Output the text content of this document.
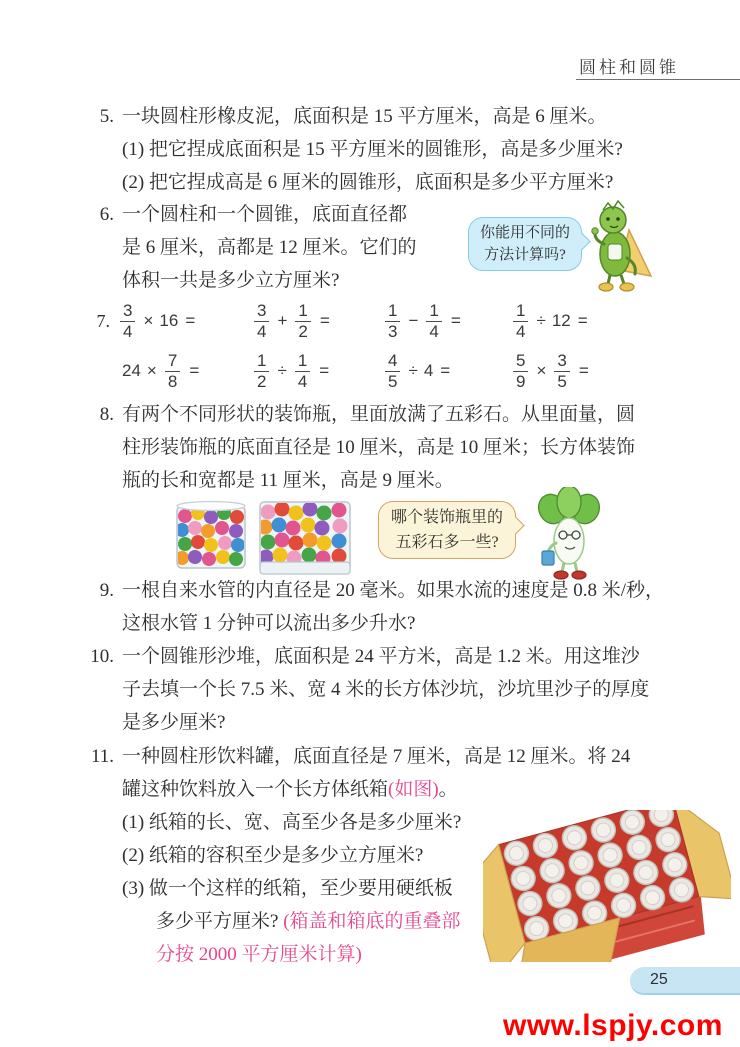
圆柱和圆锥
5. 一块圆柱形橡皮泥，底面积是 15 平方厘米，高是 6 厘米。
(1) 把它捏成底面积是 15 平方厘米的圆锥形，高是多少厘米?
(2) 把它捏成高是 6 厘米的圆锥形，底面积是多少平方厘米?
6. 一个圆柱和一个圆锥，底面直径都
是 6 厘米，高都是 12 厘米。它们的
体积一共是多少立方厘米?
你能用不同的
方法计算吗?
7. $\frac{3}{4} \times 16$ =	$\frac{3}{4} + \frac{1}{2}$ =	$\frac{1}{3} - \frac{1}{4}$ =	$\frac{1}{4} \div 12$ =
$24 \times \frac{7}{8}$ =	$\frac{1}{2} \div \frac{1}{4}$ =	$\frac{4}{5} \div 4$ =	$\frac{5}{9} \times \frac{3}{5}$ =
8. 有两个不同形状的装饰瓶，里面放满了五彩石。从里面量，圆
柱形装饰瓶的底面直径是 10 厘米，高是 10 厘米；长方体装饰
瓶的长和宽都是 11 厘米，高是 9 厘米。
哪个装饰瓶里的
五彩石多一些?
9. 一根自来水管的内直径是 20 毫米。如果水流的速度是 0.8 米/秒，
这根水管 1 分钟可以流出多少升水?
10. 一个圆锥形沙堆，底面积是 24 平方米，高是 1.2 米。用这堆沙
子去填一个长 7.5 米、宽 4 米的长方体沙坑，沙坑里沙子的厚度
是多少厘米?
11. 一种圆柱形饮料罐，底面直径是 7 厘米，高是 12 厘米。将 24
罐这种饮料放入一个长方体纸箱(如图)。
(1) 纸箱的长、宽、高至少各是多少厘米?
(2) 纸箱的容积至少是多少立方厘米?
(3) 做一个这样的纸箱，至少要用硬纸板
多少平方厘米? (箱盖和箱底的重叠部
分按 2000 平方厘米计算)
25
www.lspjy.com
